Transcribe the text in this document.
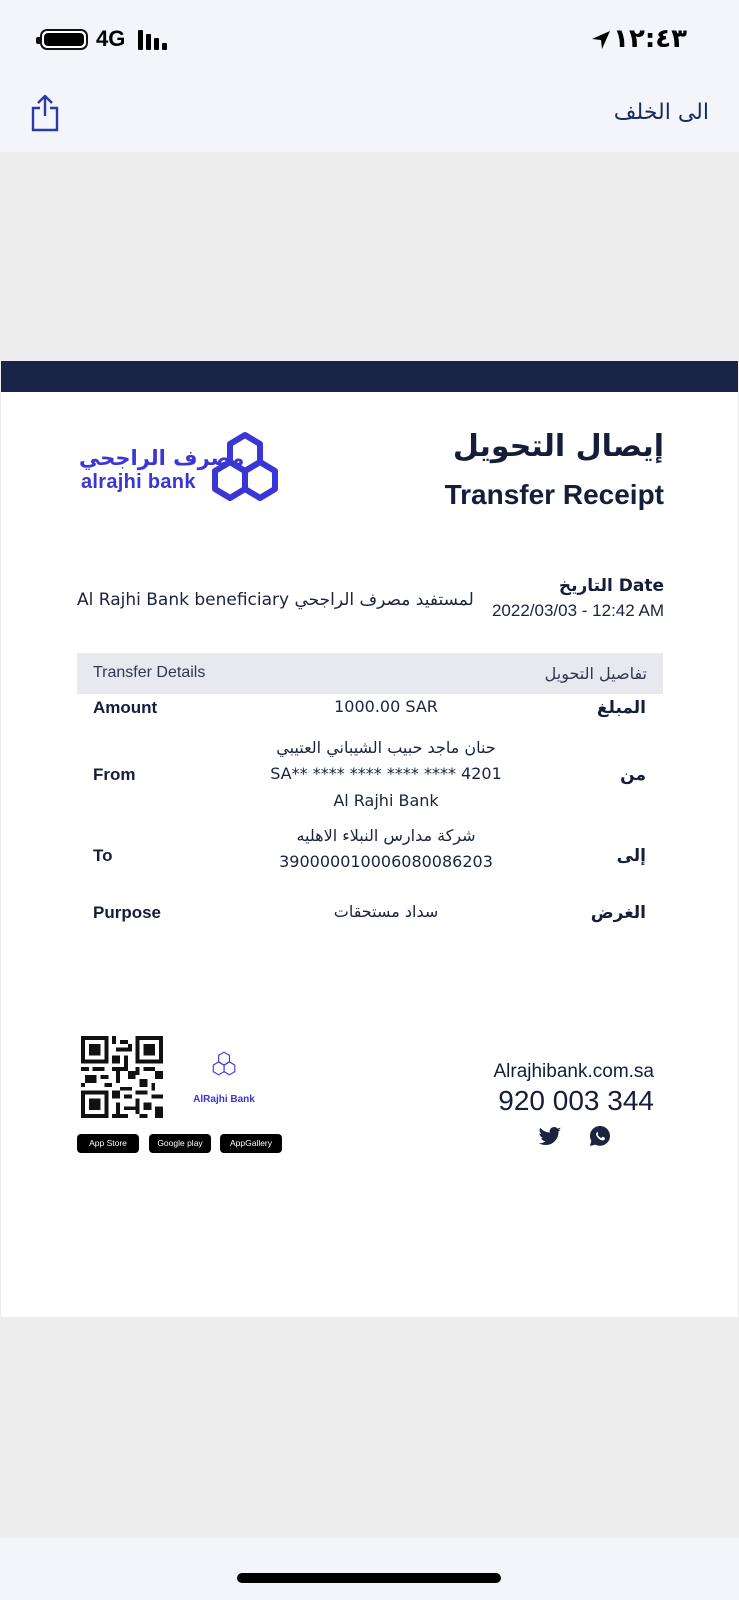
4G	١٢:٤٣
الى الخلف
مصرف الراجحي
alrajhi bank
إيصال التحويل
Transfer Receipt
Al Rajhi Bank beneficiary لمستفيد مصرف الراجحي
التاريخ Date
2022/03/03 - 12:42 AM
Transfer Details	تفاصيل التحويل
Amount	المبلغ
1000.00 SAR
From	من
حنان ماجد حبيب الشيباني العتيبي
SA** **** **** **** **** 4201
Al Rajhi Bank
To	إلى
شركة مدارس النبلاء الاهليه
390000010006080086203
Purpose	الغرض
سداد مستحقات
AlRajhi Bank
App Store	Google play	AppGallery
Alrajhibank.com.sa
920 003 344
